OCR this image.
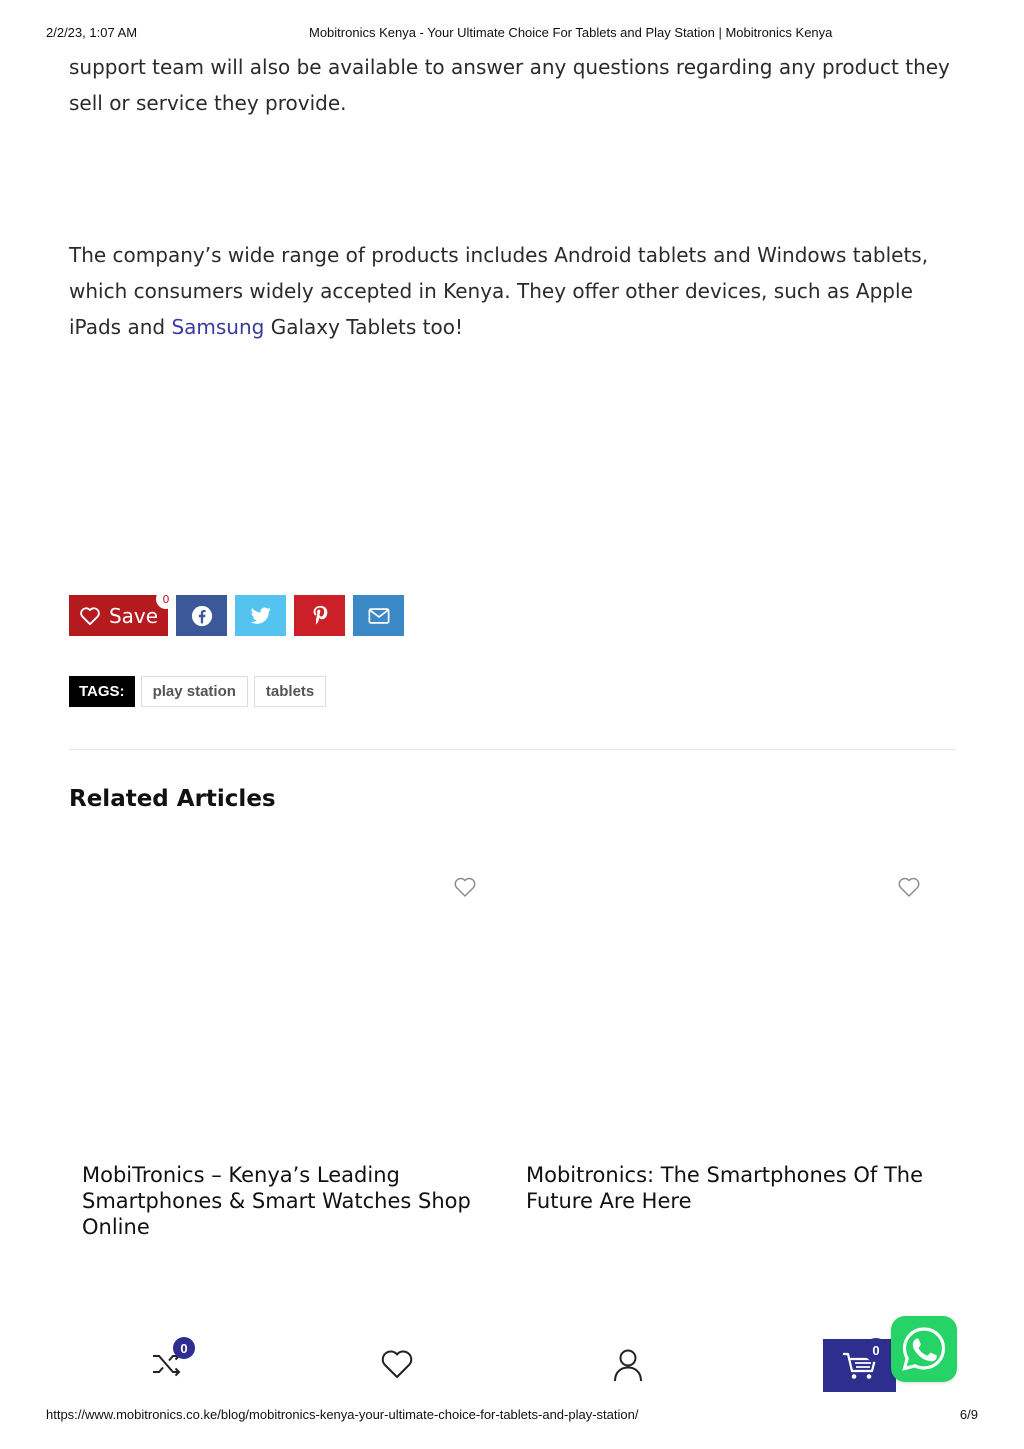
2/2/23, 1:07 AM	Mobitronics Kenya - Your Ultimate Choice For Tablets and Play Station | Mobitronics Kenya

support team will also be available to answer any questions regarding any product they sell or service they provide.

The company’s wide range of products includes Android tablets and Windows tablets, which consumers widely accepted in Kenya. They offer other devices, such as Apple iPads and Samsung Galaxy Tablets too!

Save
0
TAGS:	play station	tablets
Related Articles
MobiTronics – Kenya’s Leading Smartphones & Smart Watches Shop Online
Mobitronics: The Smartphones Of The Future Are Here
0	0
https://www.mobitronics.co.ke/blog/mobitronics-kenya-your-ultimate-choice-for-tablets-and-play-station/	6/9
